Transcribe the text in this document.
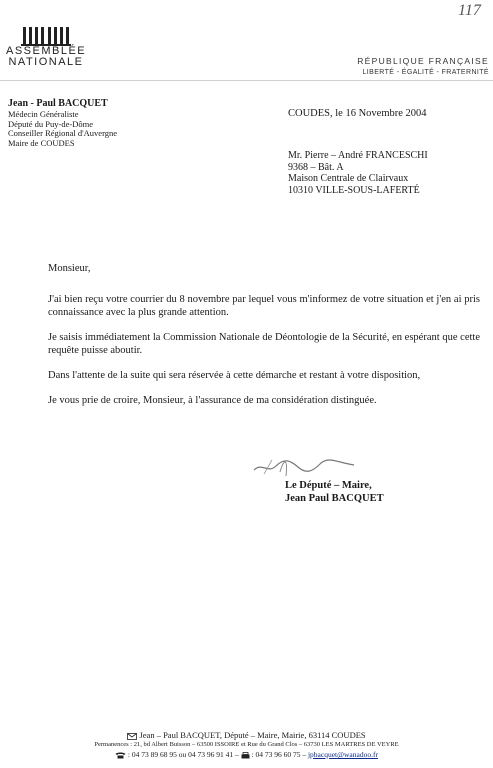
117
ASSEMBLÉE
NATIONALE	RÉPUBLIQUE FRANÇAISE
LIBERTÉ - ÉGALITÉ - FRATERNITÉ
Jean - Paul BACQUET
Médecin Généraliste
Député du Puy-de-Dôme
Conseiller Régional d'Auvergne
Maire de COUDES
COUDES, le 16 Novembre 2004
Mr. Pierre – André FRANCESCHI
9368 – Bât. A
Maison Centrale de Clairvaux
10310 VILLE-SOUS-LAFERTÉ

Monsieur,

J'ai bien reçu votre courrier du 8 novembre par lequel vous m'informez de votre situation et j'en ai pris connaissance avec la plus grande attention.

Je saisis immédiatement la Commission Nationale de Déontologie de la Sécurité, en espérant que cette requête puisse aboutir.

Dans l'attente de la suite qui sera réservée à cette démarche et restant à votre disposition,

Je vous prie de croire, Monsieur, à l'assurance de ma considération distinguée.

Le Député – Maire,
Jean Paul BACQUET
Jean – Paul BACQUET, Député – Maire, Mairie, 63114 COUDES
Permanences : 21, bd Albert Buisson – 63500 ISSOIRE et Rue du Grand Clos – 63730 LES MARTRES DE VEYRE
: 04 73 89 68 95 ou 04 73 96 91 41 – : 04 73 96 60 75 – jpbacquet@wanadoo.fr
